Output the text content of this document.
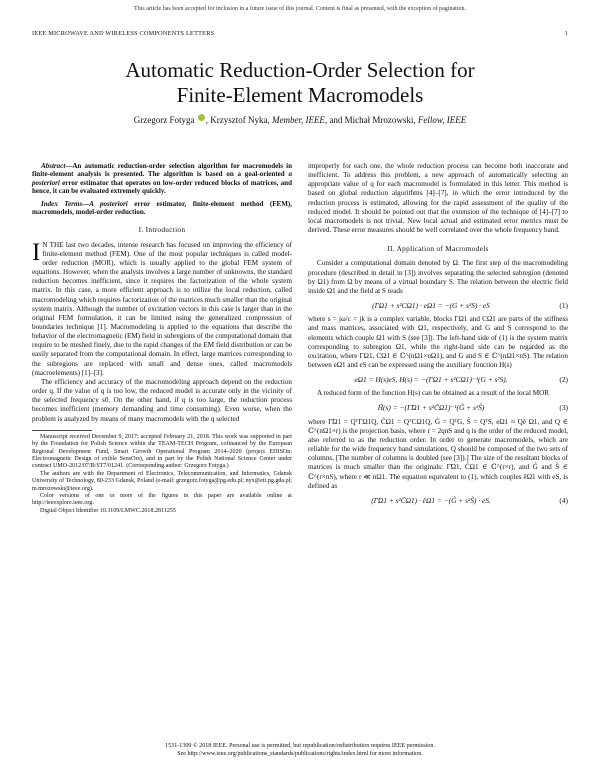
This article has been accepted for inclusion in a future issue of this journal. Content is final as presented, with the exception of pagination.
IEEE MICROWAVE AND WIRELESS COMPONENTS LETTERS	1
Automatic Reduction-Order Selection for
Finite-Element Macromodels
Grzegorz Fotyga , Krzysztof Nyka, Member, IEEE, and Michał Mrozowski, Fellow, IEEE

Abstract—An automatic reduction-order selection algorithm for macromodels in finite-element analysis is presented. The algorithm is based on a goal-oriented a posteriori error estimator that operates on low-order reduced blocks of matrices, and hence, it can be evaluated extremely quickly.

Index Terms—A posteriori error estimator, finite-element method (FEM), macromodels, model-order reduction.

I. Introduction

I N THE last two decades, intense research has focused on improving the efficiency of finite-element method (FEM). One of the most popular techniques is called model-order reduction (MOR), which is usually applied to the global FEM system of equations. However, when the analysis involves a large number of unknowns, the standard reduction becomes inefficient, since it requires the factorization of the whole system matrix. In this case, a more efficient approach is to utilize the local reduction, called macromodeling which requires factorization of the matrices much smaller than the original system matrix. Although the number of excitation vectors in this case is larger than in the original FEM formulation, it can be limited using the generalized compression of boundaries technique [1]. Macromodeling is applied to the equations that describe the behavior of the electromagnetic (EM) field in subregions of the computational domain that require to be meshed finely, due to the rapid changes of the EM field distribution or can be easily separated from the computational domain. In effect, large matrices corresponding to the subregions are replaced with small and dense ones, called macromodels (macroelements) [1]–[3].

The efficiency and accuracy of the macromodeling approach depend on the reduction order q. If the value of q is too low, the reduced model is accurate only in the vicinity of the selected frequency s0. On the other hand, if q is too large, the reduction process becomes inefficient (memory demanding and time consuming). Even worse, when the problem is analyzed by means of many macromodels with the q selected

Manuscript received December 9, 2017; accepted February 21, 2018. This work was supported in part by the Foundation for Polish Science within the TEAM-TECH Program, cofinanced by the European Regional Development Fund, Smart Growth Operational Program 2014–2020 (project EDISOn: Electromagnetic Design of exible SensOrs), and in part by the Polish National Science Center under contract UMO-2012/07/B/ST7/01241. (Corresponding author: Grzegorz Fotyga.)

The authors are with the Department of Electronics, Telecommunication, and Informatics, Gdansk University of Technology, 80-233 Gdansk, Poland (e-mail: grzegorz.fotyga@pg.edu.pl; nyx@eti.pg.gda.pl; m.mrozowski@ieee.org).

Color versions of one or more of the figures in this paper are available online at http://ieeexplore.ieee.org.

Digital Object Identifier 10.1109/LMWC.2018.2811255

improperly for each one, the whole reduction process can become both inaccurate and inefficient. To address this problem, a new approach of automatically selecting an appropriate value of q for each macromodel is formulated in this letter. This method is based on global reduction algorithms [4]–[7], in which the error introduced by the reduction process is estimated, allowing for the rapid assessment of the quality of the reduced model. It should be pointed out that the extension of the technique of [4]–[7] to local macromodels is not trivial. New local actual and estimated error metrics must be derived. These error measures should be well correlated over the whole frequency band.

II. Application of Macromodels

Consider a computational domain denoted by Ω. The first step of the macromodeling procedure (described in detail in [3]) involves separating the selected subregion (denoted by Ω1) from Ω by means of a virtual boundary S. The relation between the electric field inside Ω1 and the field at S reads

(ΓΩ1 + s²CΩ1) · eΩ1 = −(G + s²S) · eS	(1)

where s = jω/c = jk is a complex variable, blocks ΓΩ1 and CΩ1 are parts of the stiffness and mass matrices, associated with Ω1, respectively, and G and S correspond to the elements which couple Ω1 with S (see [3]). The left-hand side of (1) is the system matrix corresponding to subregion Ω1, while the right-hand side can be regarded as the excitation, where ΓΩ1, CΩ1 ∈ ℂ^(nΩ1×nΩ1), and G and S ∈ ℂ^(nΩ1×nS). The relation between eΩ1 and eS can be expressed using the auxiliary function H(s)

eΩ1 = H(s)eS, H(s) = −(ΓΩ1 + s²CΩ1)⁻¹(G + s²S).	(2)

A reduced form of the function H(s) can be obtained as a result of the local MOR

H̃(s) = −(Γ̃Ω1 + s²C̃Ω1)⁻¹(G̃ + s²S̃)	(3)

where Γ̃Ω1 = QᵀΓΩ1Q, C̃Ω1 = QᵀCΩ1Q, G̃ = QᵀG, S̃ = QᵀS, eΩ1 ≈ Qẽ Ω1, and Q ∈ ℂ^(nΩ1×r) is the projection basis, where r = 2qnS and q is the order of the reduced model, also referred to as the reduction order. In order to generate macromodels, which are reliable for the wide frequency band simulations, Q should be composed of the two sets of columns. [The number of columns is doubled (see [3]).] The size of the resultant blocks of matrices is much smaller than the originals: Γ̃Ω1, C̃Ω1 ∈ ℂ^(r×r), and G̃ and S̃ ∈ ℂ^(r×nS), where r ≪ nΩ1. The equation equivalent to (1), which couples ẽΩ1 with eS, is defined as

(Γ̃Ω1 + s²C̃Ω1) · ẽΩ1 = −(G̃ + s²S̃) · eS.	(4)
1531-1309 © 2018 IEEE. Personal use is permitted, but republication/redistribution requires IEEE permission.
See http://www.ieee.org/publications_standards/publications/rights/index.html for more information.
